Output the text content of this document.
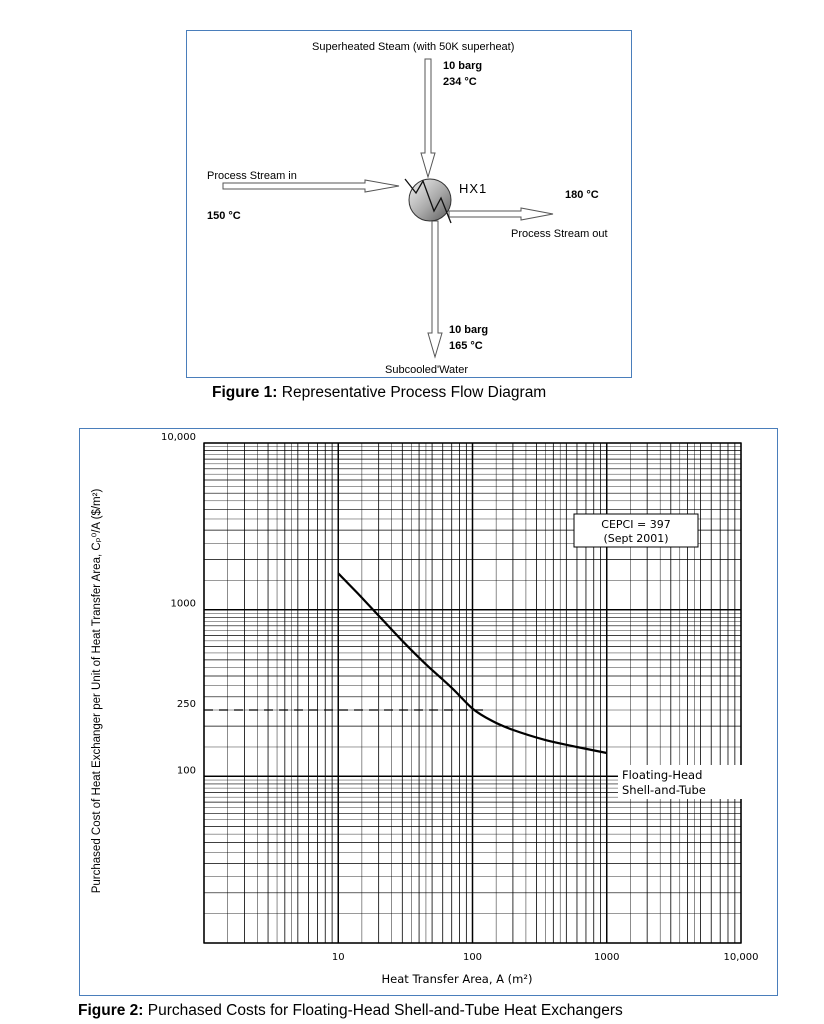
Superheated Steam (with 50K superheat)
10 barg
234 °C
Process Stream in
150 °C
HX1	180 °C
Process Stream out
10 barg
165 °C
Subcooled'Water
Figure 1: Representative Process Flow Diagram
10	100	1000	10,000
10,000
1000
250
100
CEPCI = 397
(Sept 2001)
Floating-Head
Shell-and-Tube
Heat Transfer Area, A (m²)
Purchased Cost of Heat Exchanger per Unit of Heat Transfer Area, Cₚ⁰/A ($/m²)
Figure 2: Purchased Costs for Floating-Head Shell-and-Tube Heat Exchangers
